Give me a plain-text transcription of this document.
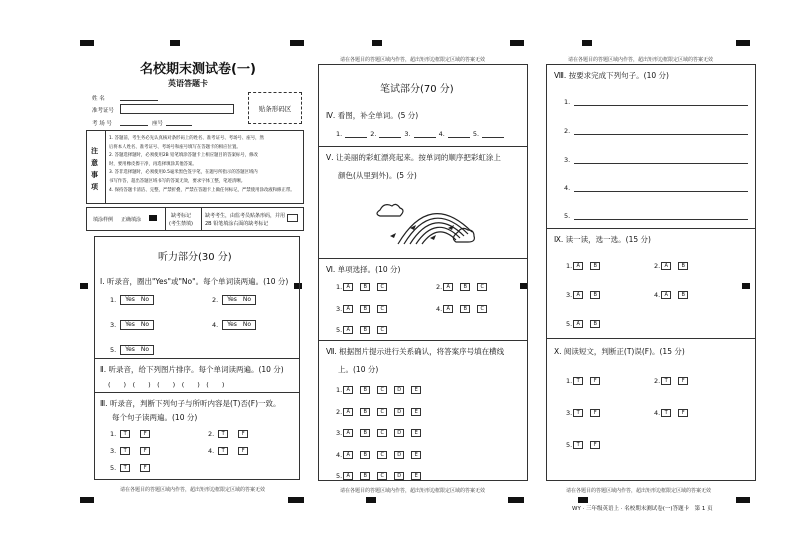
名校期末测试卷(一)
英语答题卡
姓 名
准考证号
考 场 号	座号
贴条形码区
注意事项
1. 答题前，考生务必先认真核对条形码上的姓名、准考证号、考场号、座号，然
后将本人姓名、准考证号、考场号和座号填写在答题卡的相应位置。
2. 答题选择题时，必须使用2B 铅笔填涂答题卡上相应题目的答案标号，修改
时，要用橡皮擦干净，再选择填涂其他答案。
3. 答非选择题时，必须使用0.5毫米黑色签字笔，在题号所指示的答题区域内
书写作答，超出答题区域书写的答案无效，要求字体工整，笔迹清晰。
4. 保持答题卡清洁、完整，严禁折叠，严禁在答题卡上做任何标记，严禁使用涂改液和修正带。
填涂样例 正确填涂
缺考标记
(考生禁填)
缺考考生，由监考员贴条形码，并用
2B 铅笔填涂右面的缺考标记
听力部分(30 分)
Ⅰ. 听录音，圈出"Yes"或"No"。每个单词读两遍。(10 分)
1.	Yes　 No	2.	Yes　 No
3.	Yes　 No	4.	Yes　 No
5.	Yes　 No
Ⅱ. 听录音，给下列图片排序。每个单词读两遍。(10 分)
(　　)　(　　)　(　　)　(　　)　(　　)
Ⅲ. 听录音，判断下列句子与所听内容是(T)否(F)一致。
每个句子读两遍。(10 分)
1.	T	F	2.	T	F
3.	T	F	4.	T	F
5.	T	F
请在各题目的答题区域内作答，超出矩形边框限定区域的答案无效
请在各题目的答题区域内作答，超出矩形边框限定区域的答案无效
笔试部分(70 分)
Ⅳ. 看图，补全单词。(5 分)
1.	2.	3.	4.	5.
Ⅴ. 让美丽的彩虹漂亮起来。按单词的顺序把彩虹涂上
颜色(从里到外)。(5 分)
Ⅵ. 单项选择。(10 分)
1. A	B	C	2. A	B	C
3. A	B	C	4. A	B	C
5. A	B	C
Ⅶ. 根据图片提示进行关系确认，将答案序号填在横线
上。(10 分)
1. A	B	C	D	E
2. A	B	C	D	E
3. A	B	C	D	E
4. A	B	C	D	E
5. A	B	C	D	E
请在各题目的答题区域内作答，超出矩形边框限定区域的答案无效
请在各题目的答题区域内作答，超出矩形边框限定区域的答案无效
Ⅷ. 按要求完成下列句子。(10 分)
1.
2.
3.
4.
5.
Ⅸ. 读一读，选一选。(15 分)
1. A	B	2. A	B
3. A	B	4. A	B
5. A	B
Ⅹ. 阅读短文，判断正(T)误(F)。(15 分)
1. T	F	2. T	F
3. T	F	4. T	F
5. T	F
请在各题目的答题区域内作答，超出矩形边框限定区域的答案无效
WY · 三年级英语上 · 名校期末测试卷(一)答题卡　第 1 页
